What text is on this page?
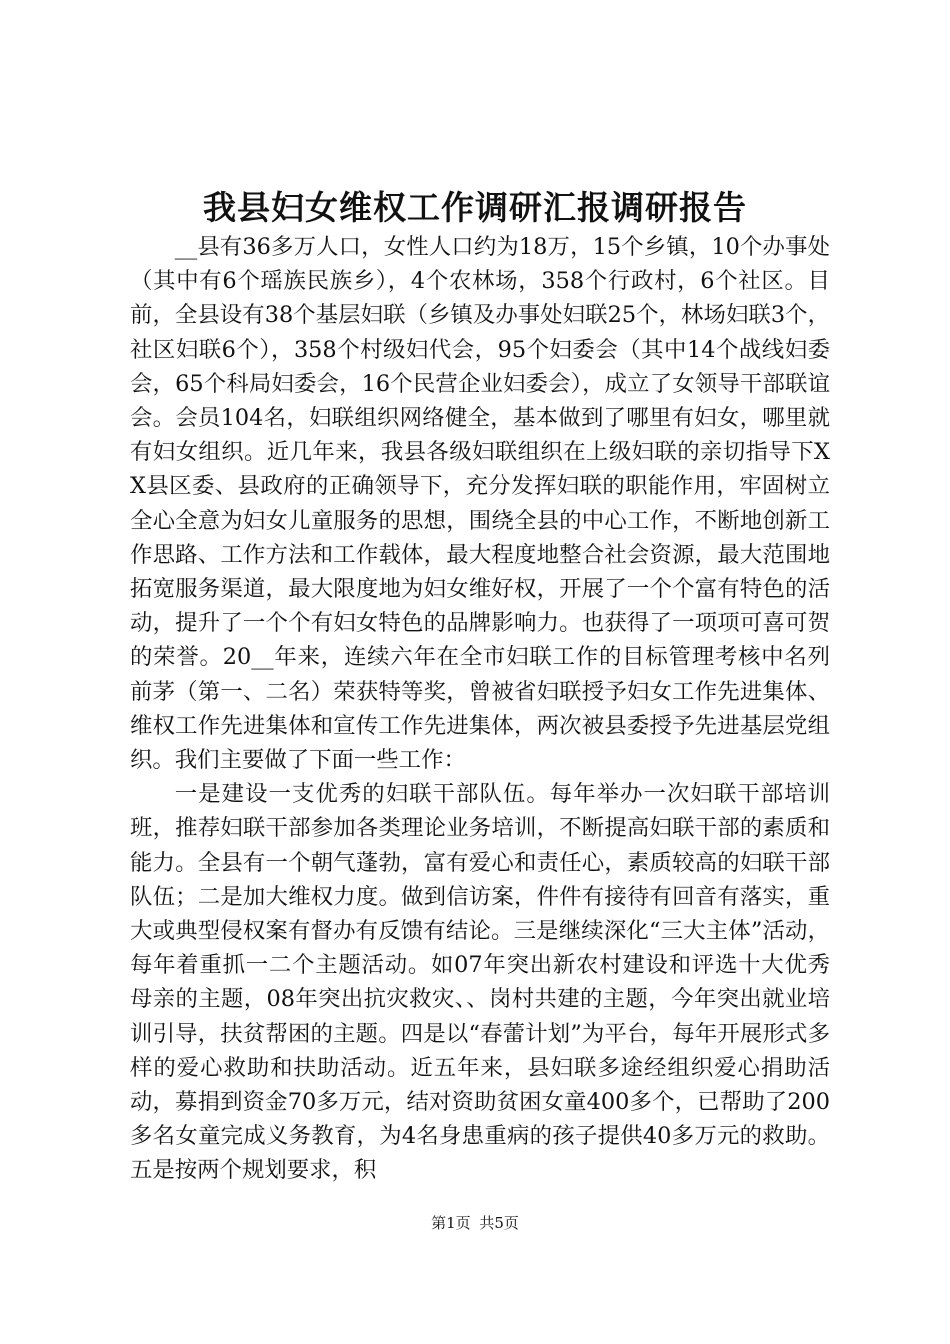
我县妇女维权工作调研汇报调研报告

__县有36多万人口，女性人口约为18万，15个乡镇，10个办事处（其中有6个瑶族民族乡），4个农林场，358个行政村，6个社区。目前，全县设有38个基层妇联（乡镇及办事处妇联25个，林场妇联3个，社区妇联6个），358个村级妇代会，95个妇委会（其中14个战线妇委会，65个科局妇委会，16个民营企业妇委会），成立了女领导干部联谊会。会员104名，妇联组织网络健全，基本做到了哪里有妇女，哪里就有妇女组织。近几年来，我县各级妇联组织在上级妇联的亲切指导下XX县区委、县政府的正确领导下，充分发挥妇联的职能作用，牢固树立全心全意为妇女儿童服务的思想，围绕全县的中心工作，不断地创新工作思路、工作方法和工作载体，最大程度地整合社会资源，最大范围地拓宽服务渠道，最大限度地为妇女维好权，开展了一个个富有特色的活动，提升了一个个有妇女特色的品牌影响力。也获得了一项项可喜可贺的荣誉。20__年来，连续六年在全市妇联工作的目标管理考核中名列前茅（第一、二名）荣获特等奖，曾被省妇联授予妇女工作先进集体、维权工作先进集体和宣传工作先进集体，两次被县委授予先进基层党组织。我们主要做了下面一些工作：

一是建设一支优秀的妇联干部队伍。每年举办一次妇联干部培训班，推荐妇联干部参加各类理论业务培训，不断提高妇联干部的素质和能力。全县有一个朝气蓬勃，富有爱心和责任心，素质较高的妇联干部队伍；二是加大维权力度。做到信访案，件件有接待有回音有落实，重大或典型侵权案有督办有反馈有结论。三是继续深化“三大主体”活动，每年着重抓一二个主题活动。如07年突出新农村建设和评选十大优秀母亲的主题，08年突出抗灾救灾、、岗村共建的主题，今年突出就业培训引导，扶贫帮困的主题。四是以“春蕾计划”为平台，每年开展形式多样的爱心救助和扶助活动。近五年来，县妇联多途经组织爱心捐助活动，募捐到资金70多万元，结对资助贫困女童400多个，已帮助了200多名女童完成义务教育，为4名身患重病的孩子提供40多万元的救助。五是按两个规划要求，积

第1页 共5页
